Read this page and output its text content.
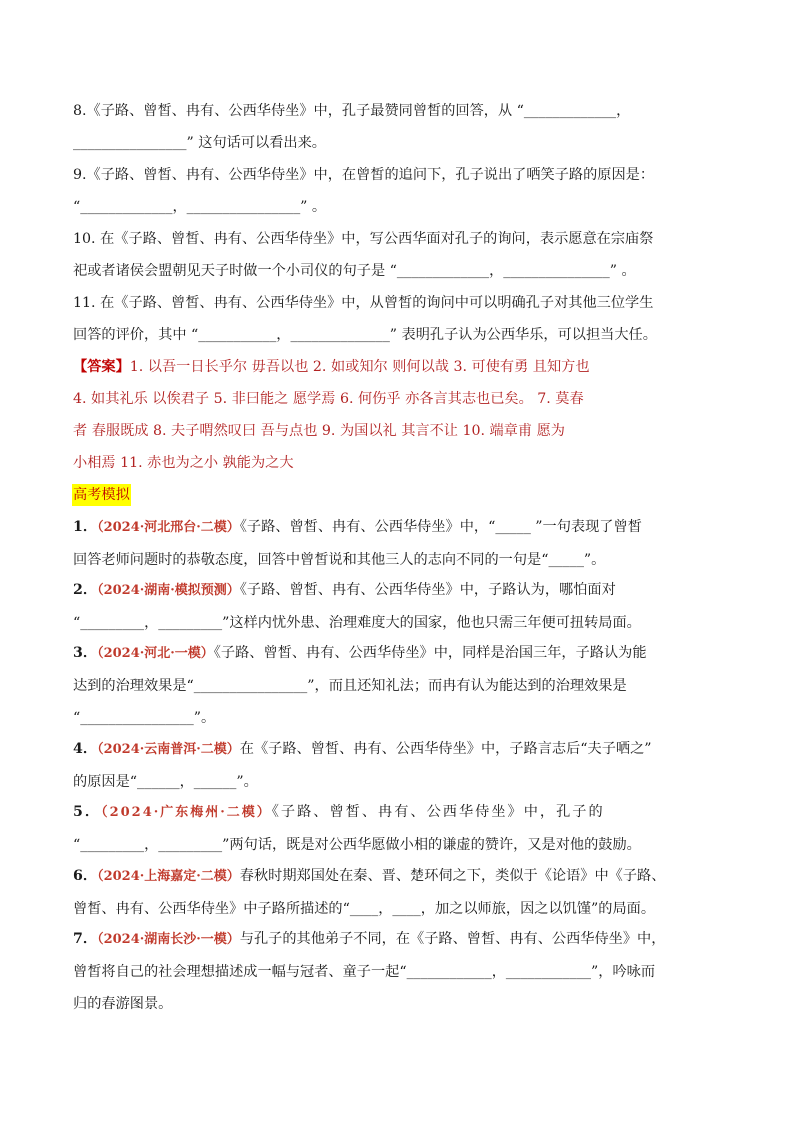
8.《子路、曾皙、冉有、公西华侍坐》中，孔子最赞同曾皙的回答，从 “_____________，
________________” 这句话可以看出来。
9.《子路、曾皙、冉有、公西华侍坐》中，在曾皙的追问下，孔子说出了哂笑子路的原因是：
“_____________，________________” 。
10. 在《子路、曾皙、冉有、公西华侍坐》中，写公西华面对孔子的询问，表示愿意在宗庙祭
祀或者诸侯会盟朝见天子时做一个小司仪的句子是 “_____________，_______________” 。
11. 在《子路、曾皙、冉有、公西华侍坐》中，从曾皙的询问中可以明确孔子对其他三位学生
回答的评价，其中 “___________，______________” 表明孔子认为公西华乐，可以担当大任。
【答案】1. 以吾一日长乎尔 毋吾以也 2. 如或知尔 则何以哉 3. 可使有勇 且知方也
4. 如其礼乐 以俟君子 5. 非曰能之 愿学焉 6. 何伤乎 亦各言其志也已矣。 7. 莫春
者 春服既成 8. 夫子喟然叹曰 吾与点也 9. 为国以礼 其言不让 10. 端章甫 愿为
小相焉 11. 赤也为之小 孰能为之大
高考模拟
1．（2024·河北邢台·二模）《子路、曾皙、冉有、公西华侍坐》中，“_____ ”一句表现了曾皙
回答老师问题时的恭敬态度，回答中曾皙说和其他三人的志向不同的一句是“_____”。
2．（2024·湖南·模拟预测）《子路、曾皙、冉有、公西华侍坐》中，子路认为，哪怕面对
“_________，_________”这样内忧外患、治理难度大的国家，他也只需三年便可扭转局面。
3．（2024·河北·一模）《子路、曾皙、冉有、公西华侍坐》中，同样是治国三年，子路认为能
达到的治理效果是“________________”，而且还知礼法；而冉有认为能达到的治理效果是
“________________”。
4．（2024·云南普洱·二模）在《子路、曾皙、冉有、公西华侍坐》中，子路言志后“夫子哂之”
的原因是“______，______”。
5．（2024·广东梅州·二模）《子路、曾皙、冉有、公西华侍坐》中，孔子的
“_________，_________”两句话，既是对公西华愿做小相的谦虚的赞许，又是对他的鼓励。
6．（2024·上海嘉定·二模）春秋时期郑国处在秦、晋、楚环伺之下，类似于《论语》中《子路、
曾皙、冉有、公西华侍坐》中子路所描述的“____，____，加之以师旅，因之以饥馑”的局面。
7．（2024·湖南长沙·一模）与孔子的其他弟子不同，在《子路、曾皙、冉有、公西华侍坐》中，
曾皙将自己的社会理想描述成一幅与冠者、童子一起“____________，____________”，吟咏而
归的春游图景。
